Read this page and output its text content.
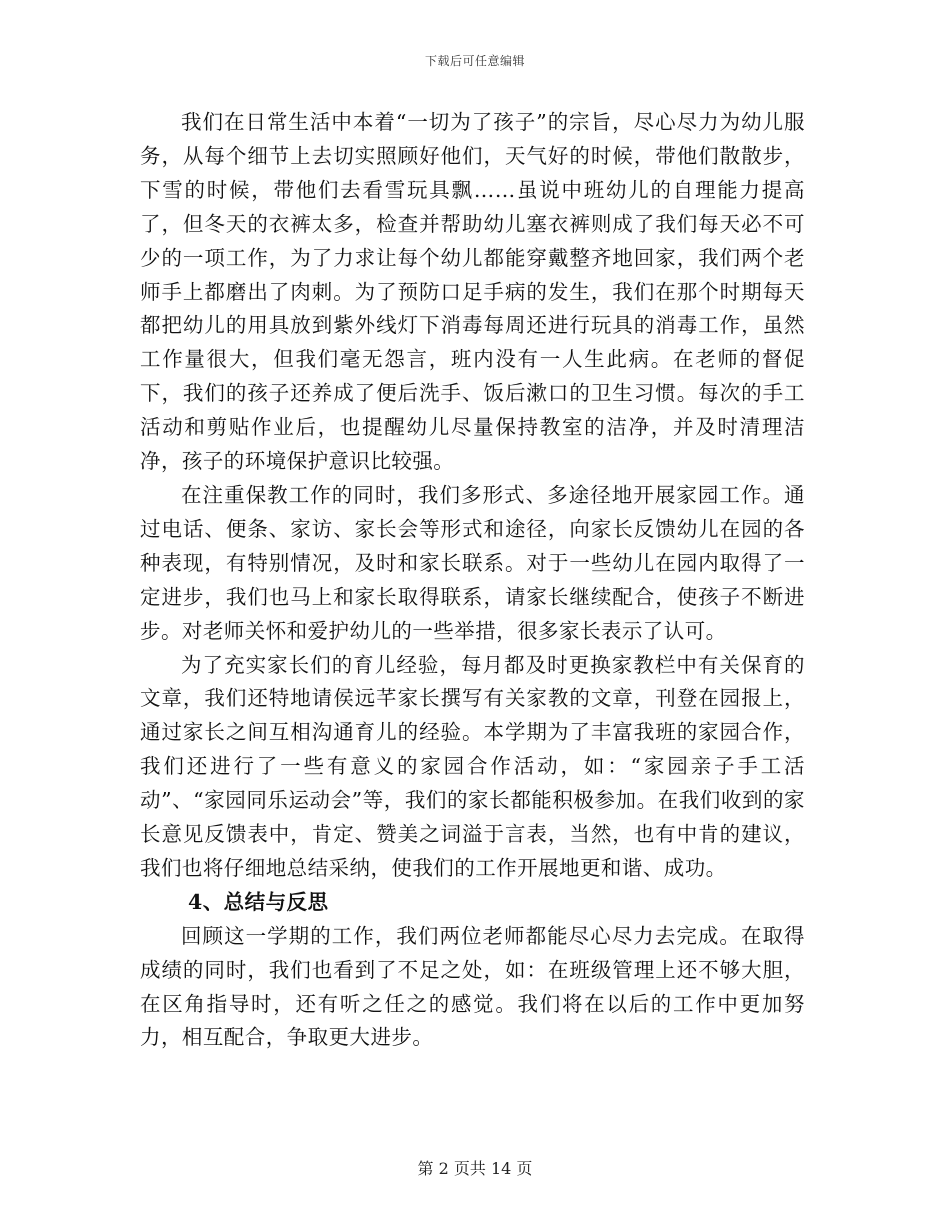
下载后可任意编辑

我们在日常生活中本着“一切为了孩子”的宗旨，尽心尽力为幼儿服务，从每个细节上去切实照顾好他们，天气好的时候，带他们散散步，下雪的时候，带他们去看雪玩具飘……虽说中班幼儿的自理能力提高了，但冬天的衣裤太多，检查并帮助幼儿塞衣裤则成了我们每天必不可少的一项工作，为了力求让每个幼儿都能穿戴整齐地回家，我们两个老师手上都磨出了肉刺。为了预防口足手病的发生，我们在那个时期每天都把幼儿的用具放到紫外线灯下消毒每周还进行玩具的消毒工作，虽然工作量很大，但我们毫无怨言，班内没有一人生此病。在老师的督促下，我们的孩子还养成了便后洗手、饭后漱口的卫生习惯。每次的手工活动和剪贴作业后，也提醒幼儿尽量保持教室的洁净，并及时清理洁净，孩子的环境保护意识比较强。

在注重保教工作的同时，我们多形式、多途径地开展家园工作。通过电话、便条、家访、家长会等形式和途径，向家长反馈幼儿在园的各种表现，有特别情况，及时和家长联系。对于一些幼儿在园内取得了一定进步，我们也马上和家长取得联系，请家长继续配合，使孩子不断进步。对老师关怀和爱护幼儿的一些举措，很多家长表示了认可。

为了充实家长们的育儿经验，每月都及时更换家教栏中有关保育的文章，我们还特地请侯远芊家长撰写有关家教的文章，刊登在园报上，通过家长之间互相沟通育儿的经验。本学期为了丰富我班的家园合作，我们还进行了一些有意义的家园合作活动，如：“家园亲子手工活动”、“家园同乐运动会”等，我们的家长都能积极参加。在我们收到的家长意见反馈表中，肯定、赞美之词溢于言表，当然，也有中肯的建议，我们也将仔细地总结采纳，使我们的工作开展地更和谐、成功。

4、总结与反思

回顾这一学期的工作，我们两位老师都能尽心尽力去完成。在取得成绩的同时，我们也看到了不足之处，如：在班级管理上还不够大胆，在区角指导时，还有听之任之的感觉。我们将在以后的工作中更加努力，相互配合，争取更大进步。

第 2 页共 14 页
